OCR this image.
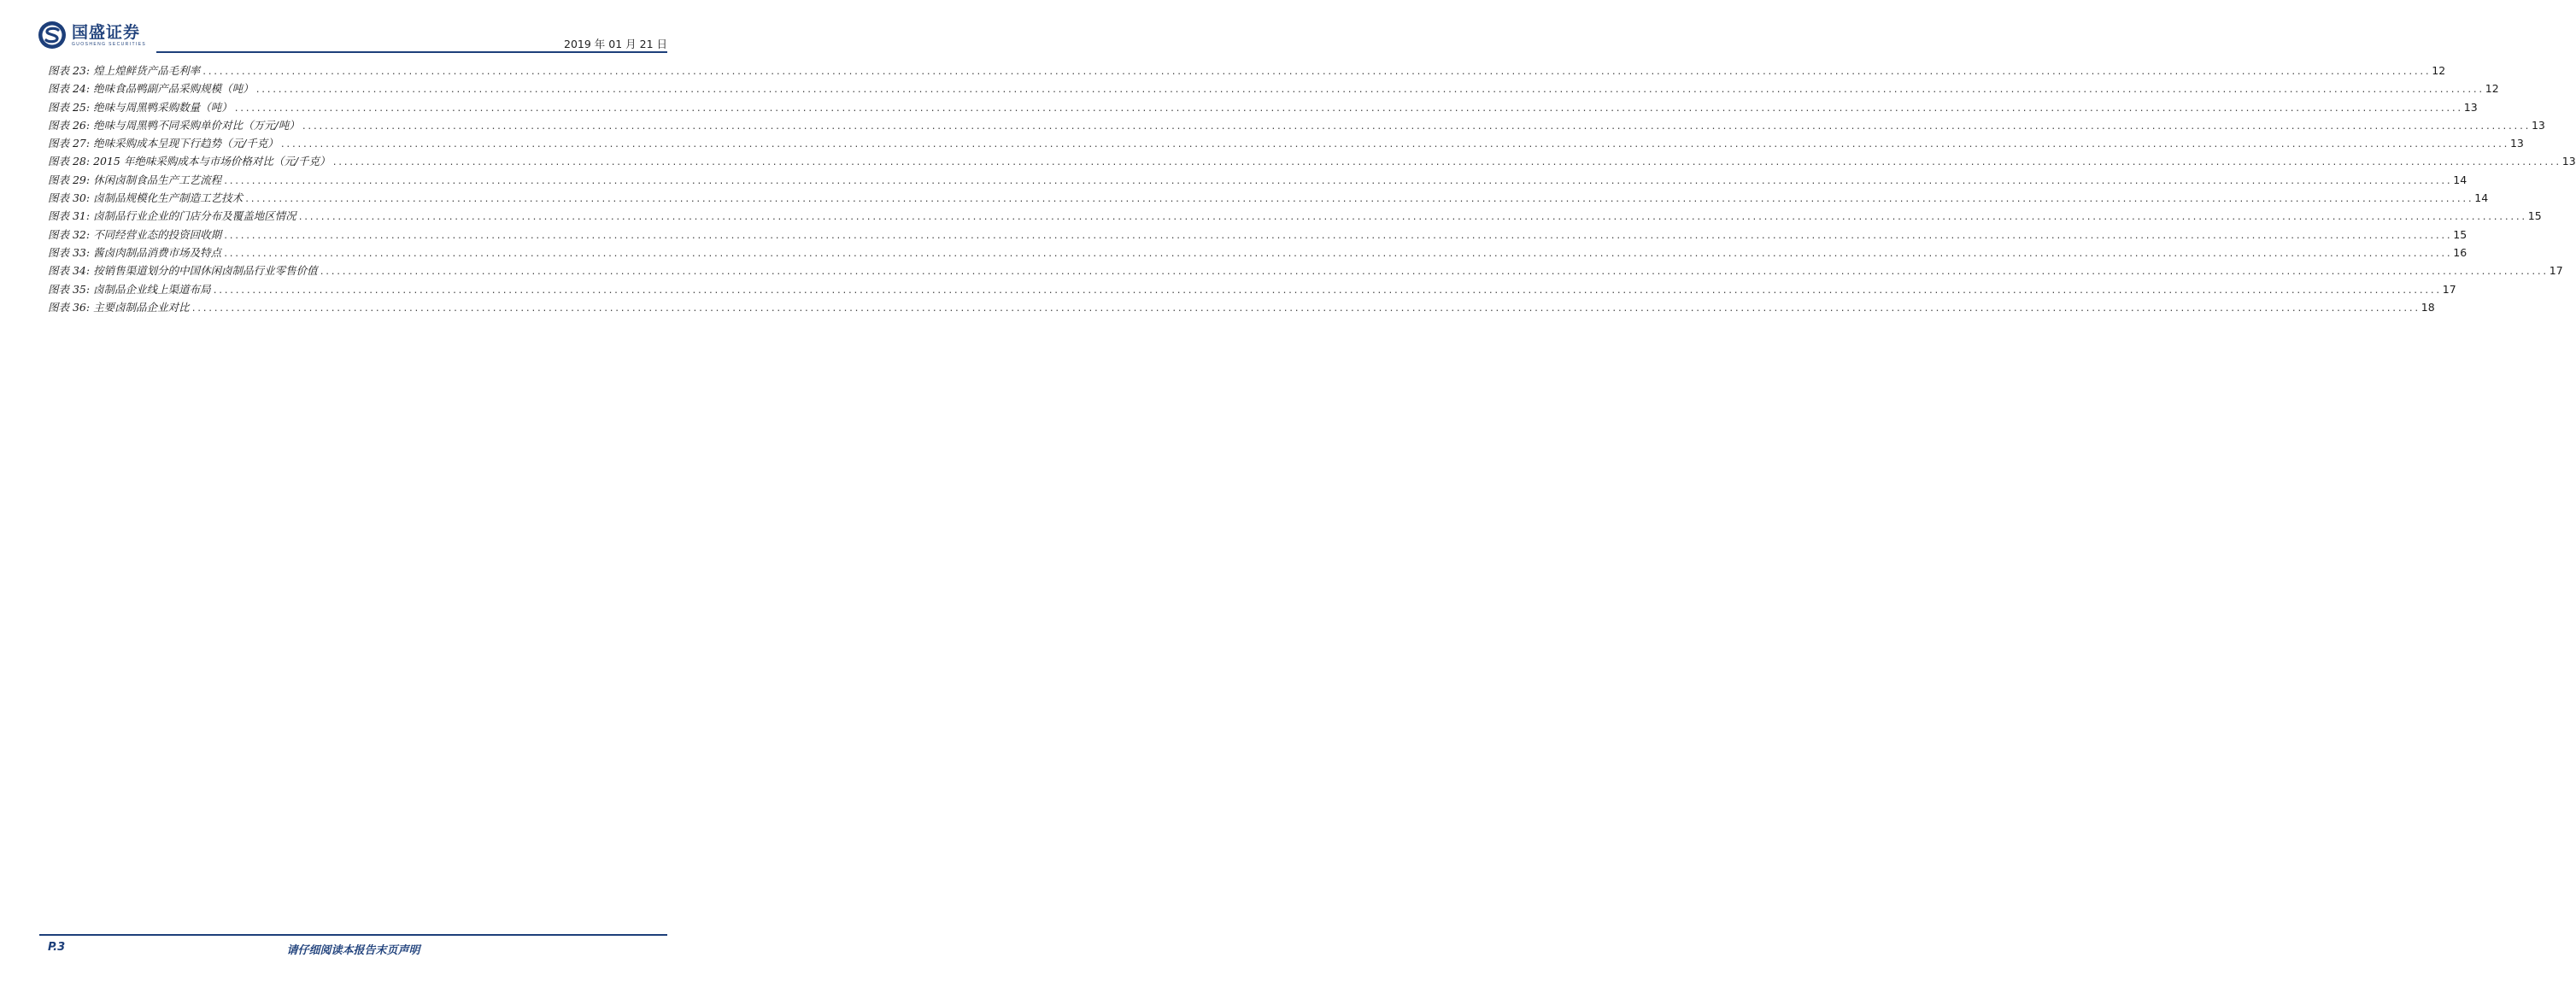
国盛证券
GUOSHENG SECURITIES	2019 年 01 月 21 日
图表 23: 煌上煌鲜货产品毛利率 ................................................................................................................................................................................................................................................................................................................................................................................................................ 12
图表 24: 绝味食品鸭副产品采购规模（吨） ................................................................................................................................................................................................................................................................................................................................................................................................................ 12
图表 25: 绝味与周黑鸭采购数量（吨） ................................................................................................................................................................................................................................................................................................................................................................................................................ 13
图表 26: 绝味与周黑鸭不同采购单价对比（万元/吨） ................................................................................................................................................................................................................................................................................................................................................................................................................ 13
图表 27: 绝味采购成本呈现下行趋势（元/千克） ................................................................................................................................................................................................................................................................................................................................................................................................................ 13
图表 28: 2015 年绝味采购成本与市场价格对比（元/千克） ................................................................................................................................................................................................................................................................................................................................................................................................................ 13
图表 29: 休闲卤制食品生产工艺流程 ................................................................................................................................................................................................................................................................................................................................................................................................................ 14
图表 30: 卤制品规模化生产制造工艺技术 ................................................................................................................................................................................................................................................................................................................................................................................................................ 14
图表 31: 卤制品行业企业的门店分布及覆盖地区情况 ................................................................................................................................................................................................................................................................................................................................................................................................................ 15
图表 32: 不同经营业态的投资回收期 ................................................................................................................................................................................................................................................................................................................................................................................................................ 15
图表 33: 酱卤肉制品消费市场及特点 ................................................................................................................................................................................................................................................................................................................................................................................................................ 16
图表 34: 按销售渠道划分的中国休闲卤制品行业零售价值 ................................................................................................................................................................................................................................................................................................................................................................................................................ 17
图表 35: 卤制品企业线上渠道布局 ................................................................................................................................................................................................................................................................................................................................................................................................................ 17
图表 36: 主要卤制品企业对比 ................................................................................................................................................................................................................................................................................................................................................................................................................ 18
P.3	请仔细阅读本报告末页声明
